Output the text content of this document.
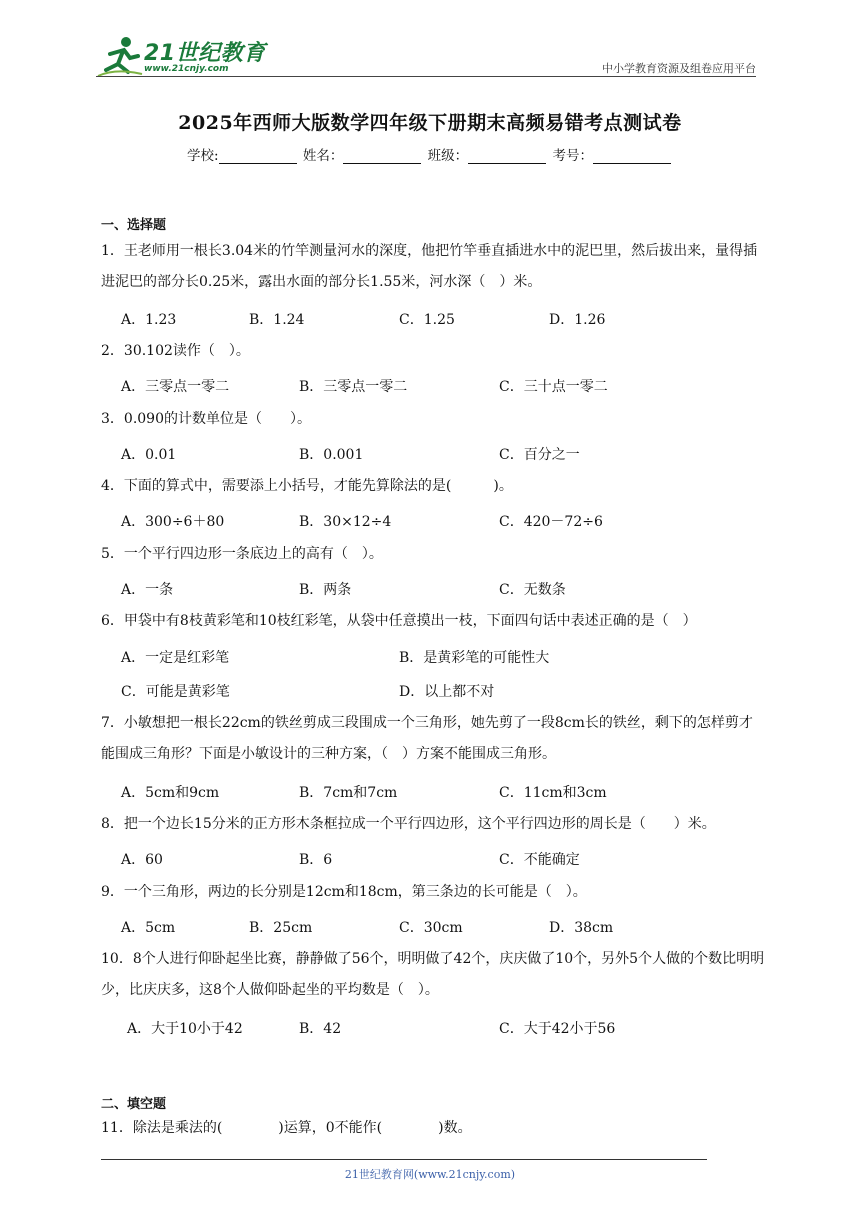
21世纪教育
www.21cnjy.com	中小学教育资源及组卷应用平台
2025年西师大版数学四年级下册期末高频易错考点测试卷
学校:	姓名：	班级：	考号：
一、选择题
1．王老师用一根长3.04米的竹竿测量河水的深度，他把竹竿垂直插进水中的泥巴里，然后拔出来，量得插进泥巴的部分长0.25米，露出水面的部分长1.55米，河水深（　）米。
A．1.23	B．1.24	C．1.25	D．1.26
2．30.102读作（　）。
A．三零点一零二	B．三零点一零二	C．三十点一零二
3．0.090的计数单位是（　　）。
A．0.01	B．0.001	C．百分之一
4．下面的算式中，需要添上小括号，才能先算除法的是(　　　)。
A．300÷6＋80	B．30×12÷4	C．420－72÷6
5．一个平行四边形一条底边上的高有（　）。
A．一条	B．两条	C．无数条
6．甲袋中有8枝黄彩笔和10枝红彩笔，从袋中任意摸出一枝，下面四句话中表述正确的是（　）
A．一定是红彩笔	B．是黄彩笔的可能性大
C．可能是黄彩笔	D．以上都不对
7．小敏想把一根长22cm的铁丝剪成三段围成一个三角形，她先剪了一段8cm长的铁丝，剩下的怎样剪才能围成三角形？下面是小敏设计的三种方案，（　）方案不能围成三角形。
A．5cm和9cm	B．7cm和7cm	C．11cm和3cm
8．把一个边长15分米的正方形木条框拉成一个平行四边形，这个平行四边形的周长是（　　）米。
A．60	B．6	C．不能确定
9．一个三角形，两边的长分别是12cm和18cm，第三条边的长可能是（　）。
A．5cm	B．25cm	C．30cm	D．38cm
10．8个人进行仰卧起坐比赛，静静做了56个，明明做了42个，庆庆做了10个，另外5个人做的个数比明明少，比庆庆多，这8个人做仰卧起坐的平均数是（　）。
A．大于10小于42	B．42	C．大于42小于56
二、填空题
11．除法是乘法的(　　　　)运算，0不能作(　　　　)数。
21世纪教育网(www.21cnjy.com)
